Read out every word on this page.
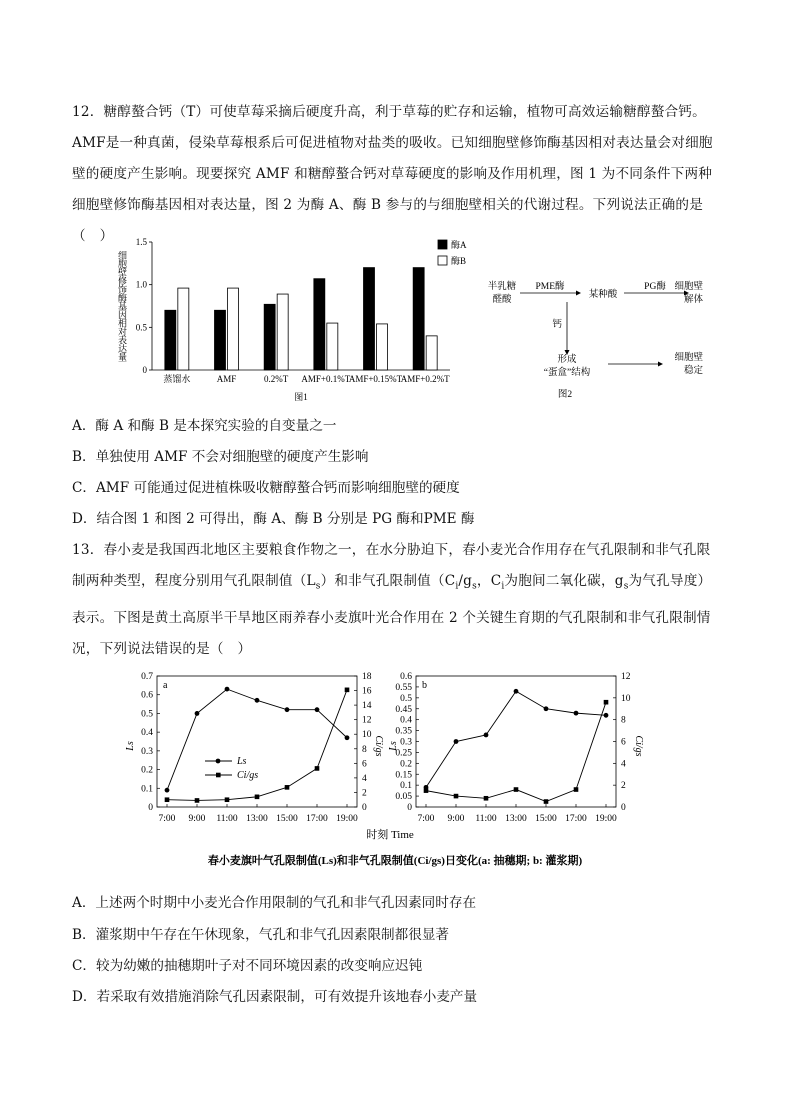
12．糖醇螯合钙（T）可使草莓采摘后硬度升高，利于草莓的贮存和运输，植物可高效运输糖醇螯合钙。AMF是一种真菌，侵染草莓根系后可促进植物对盐类的吸收。已知细胞壁修饰酶基因相对表达量会对细胞壁的硬度产生影响。现要探究 AMF 和糖醇螯合钙对草莓硬度的影响及作用机理，图 1 为不同条件下两种细胞壁修饰酶基因相对表达量，图 2 为酶 A、酶 B 参与的与细胞壁相关的代谢过程。下列说法正确的是（　）
0
0.5
1.0
1.5
细胞壁修饰酶基因相对表达量
蒸馏水	AMF	0.2%T AMF+0.1%T
AMF+0.15%T
AMF+0.2%T
酶A
酶B
图1
半乳糖
醛酸
PME酶
某种酸
PG酶 细胞壁
解体
钙
形成
“蛋盒”结构
细胞壁
稳定
图2
A．酶 A 和酶 B 是本探究实验的自变量之一
B．单独使用 AMF 不会对细胞壁的硬度产生影响
C．AMF 可能通过促进植株吸收糖醇螯合钙而影响细胞壁的硬度
D．结合图 1 和图 2 可得出，酶 A、酶 B 分别是 PG 酶和PME 酶
13．春小麦是我国西北地区主要粮食作物之一，在水分胁迫下，春小麦光合作用存在气孔限制和非气孔限制两种类型，程度分别用气孔限制值$(L_s)$和非气孔限制值（$C_i/g_s$，$C_i$为胞间二氧化碳，$g_s$为气孔导度）表示。下图是黄土高原半干旱地区雨养春小麦旗叶光合作用在 2 个关键生育期的气孔限制和非气孔限制情况，下列说法错误的是（　）
时刻 Time
春小麦旗叶气孔限制值(Ls)和非气孔限制值(Ci/gs)日变化(a: 抽穗期; b: 灌浆期)
a
0
0.1
0.2
0.3
0.4
0.5
0.6
0.7
0
2
4
6
8
10
12
14
16
18
7:00 9:00 11:00 13:00 15:00 17:00 19:00
Ls	Ci/gs
Ls
Ci/gs
b
0
0.05
0.1
0.15
0.2
0.25
0.3
0.35
0.4
0.45
0.5
0.55
0.6
0
2
4
6
8
10
12
7:00 9:00 11:00 13:00 15:00 17:00 19:00
Ls	Ci/gs
A．上述两个时期中小麦光合作用限制的气孔和非气孔因素同时存在
B．灌浆期中午存在午休现象，气孔和非气孔因素限制都很显著
C．较为幼嫩的抽穗期叶子对不同环境因素的改变响应迟钝
D．若采取有效措施消除气孔因素限制，可有效提升该地春小麦产量
